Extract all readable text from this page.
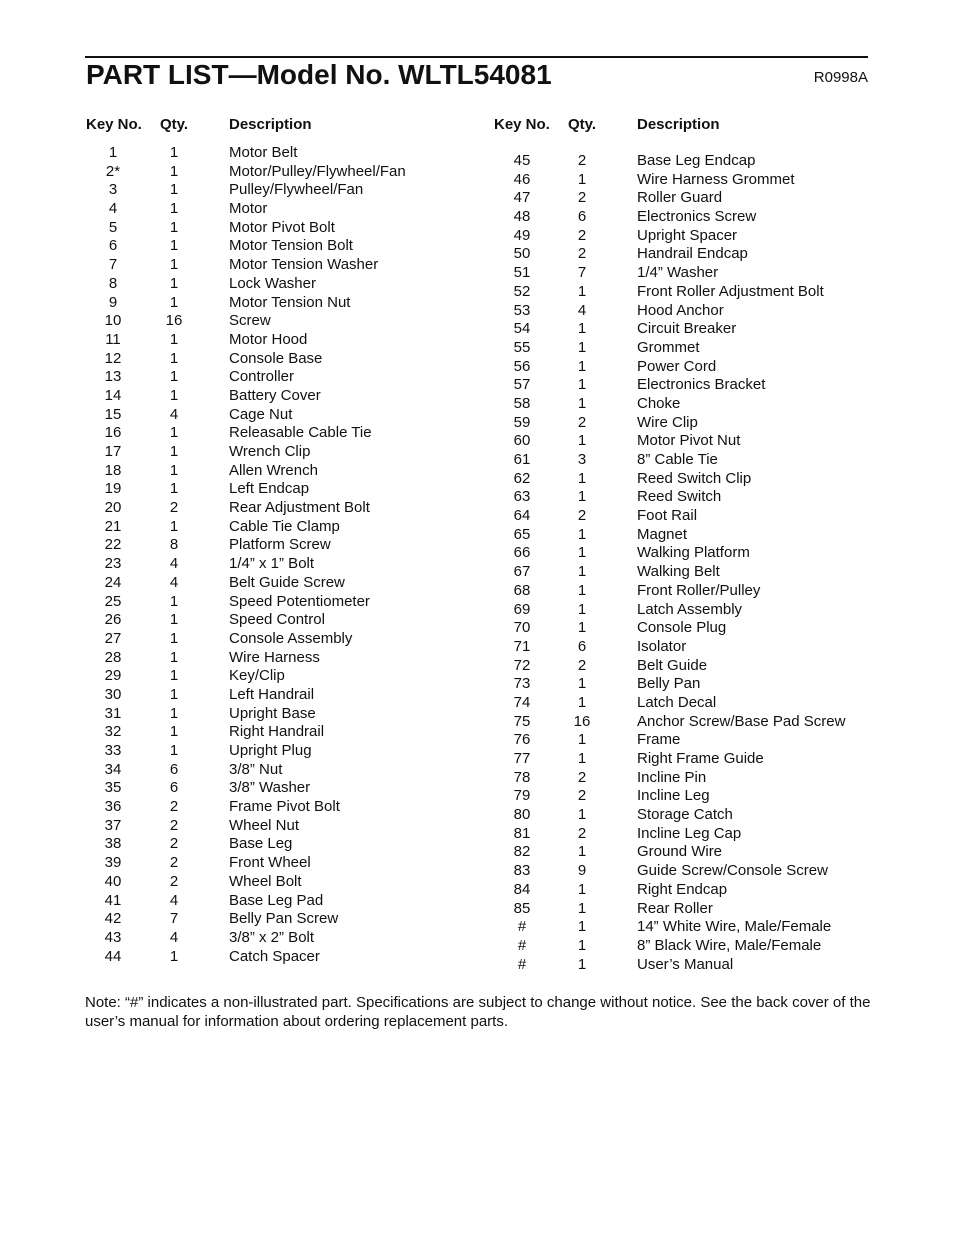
PART LIST—Model No. WLTL54081	R0998A
Key No. Qty.	Description	Key No. Qty.	Description
1	1	Motor Belt
2*	1	Motor/Pulley/Flywheel/Fan
3	1	Pulley/Flywheel/Fan
4	1	Motor
5	1	Motor Pivot Bolt
6	1	Motor Tension Bolt
7	1	Motor Tension Washer
8	1	Lock Washer
9	1	Motor Tension Nut
10	16	Screw
11	1	Motor Hood
12	1	Console Base
13	1	Controller
14	1	Battery Cover
15	4	Cage Nut
16	1	Releasable Cable Tie
17	1	Wrench Clip
18	1	Allen Wrench
19	1	Left Endcap
20	2	Rear Adjustment Bolt
21	1	Cable Tie Clamp
22	8	Platform Screw
23	4	1/4” x 1” Bolt
24	4	Belt Guide Screw
25	1	Speed Potentiometer
26	1	Speed Control
27	1	Console Assembly
28	1	Wire Harness
29	1	Key/Clip
30	1	Left Handrail
31	1	Upright Base
32	1	Right Handrail
33	1	Upright Plug
34	6	3/8” Nut
35	6	3/8” Washer
36	2	Frame Pivot Bolt
37	2	Wheel Nut
38	2	Base Leg
39	2	Front Wheel
40	2	Wheel Bolt
41	4	Base Leg Pad
42	7	Belly Pan Screw
43	4	3/8” x 2” Bolt
44	1	Catch Spacer
45	2	Base Leg Endcap
46	1	Wire Harness Grommet
47	2	Roller Guard
48	6	Electronics Screw
49	2	Upright Spacer
50	2	Handrail Endcap
51	7	1/4” Washer
52	1	Front Roller Adjustment Bolt
53	4	Hood Anchor
54	1	Circuit Breaker
55	1	Grommet
56	1	Power Cord
57	1	Electronics Bracket
58	1	Choke
59	2	Wire Clip
60	1	Motor Pivot Nut
61	3	8” Cable Tie
62	1	Reed Switch Clip
63	1	Reed Switch
64	2	Foot Rail
65	1	Magnet
66	1	Walking Platform
67	1	Walking Belt
68	1	Front Roller/Pulley
69	1	Latch Assembly
70	1	Console Plug
71	6	Isolator
72	2	Belt Guide
73	1	Belly Pan
74	1	Latch Decal
75	16	Anchor Screw/Base Pad Screw
76	1	Frame
77	1	Right Frame Guide
78	2	Incline Pin
79	2	Incline Leg
80	1	Storage Catch
81	2	Incline Leg Cap
82	1	Ground Wire
83	9	Guide Screw/Console Screw
84	1	Right Endcap
85	1	Rear Roller
#	1	14” White Wire, Male/Female
#	1	8” Black Wire, Male/Female
#	1	User’s Manual
Note: “#” indicates a non-illustrated part. Specifications are subject to change without notice. See the back cover of the user’s manual for information about ordering replacement parts.
